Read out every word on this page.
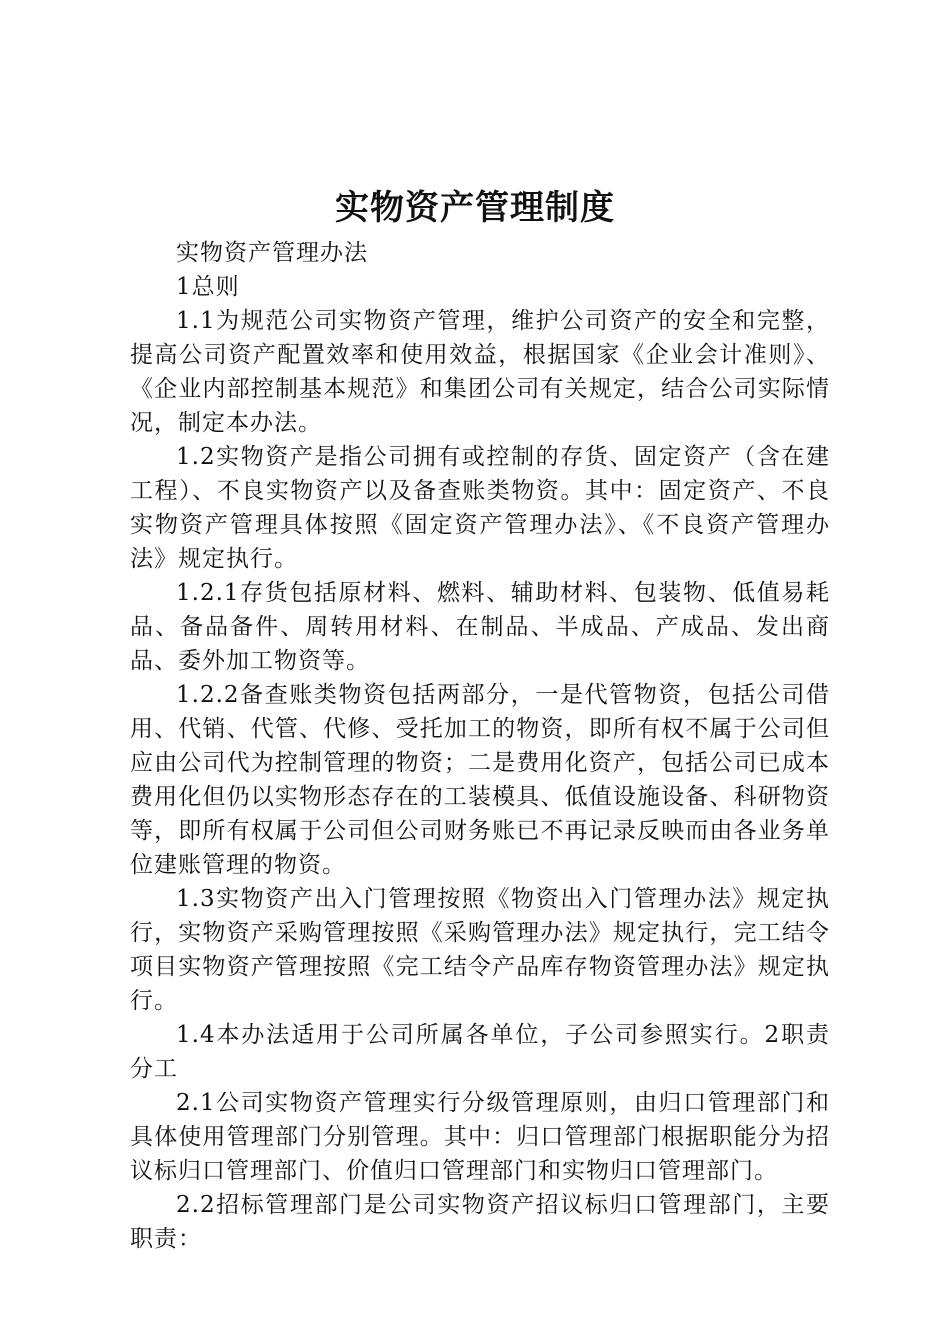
实物资产管理制度

实物资产管理办法

1总则

1.1为规范公司实物资产管理，维护公司资产的安全和完整，提高公司资产配置效率和使用效益，根据国家《企业会计准则》、《企业内部控制基本规范》和集团公司有关规定，结合公司实际情况，制定本办法。

1.2实物资产是指公司拥有或控制的存货、固定资产（含在建工程）、不良实物资产以及备查账类物资。其中：固定资产、不良实物资产管理具体按照《固定资产管理办法》、《不良资产管理办法》规定执行。

1.2.1存货包括原材料、燃料、辅助材料、包装物、低值易耗品、备品备件、周转用材料、在制品、半成品、产成品、发出商品、委外加工物资等。

1.2.2备查账类物资包括两部分，一是代管物资，包括公司借用、代销、代管、代修、受托加工的物资，即所有权不属于公司但应由公司代为控制管理的物资；二是费用化资产，包括公司已成本费用化但仍以实物形态存在的工装模具、低值设施设备、科研物资等，即所有权属于公司但公司财务账已不再记录反映而由各业务单位建账管理的物资。

1.3实物资产出入门管理按照《物资出入门管理办法》规定执行，实物资产采购管理按照《采购管理办法》规定执行，完工结令项目实物资产管理按照《完工结令产品库存物资管理办法》规定执行。

1.4本办法适用于公司所属各单位，子公司参照实行。2职责分工

2.1公司实物资产管理实行分级管理原则，由归口管理部门和具体使用管理部门分别管理。其中：归口管理部门根据职能分为招议标归口管理部门、价值归口管理部门和实物归口管理部门。

2.2招标管理部门是公司实物资产招议标归口管理部门，主要职责：
